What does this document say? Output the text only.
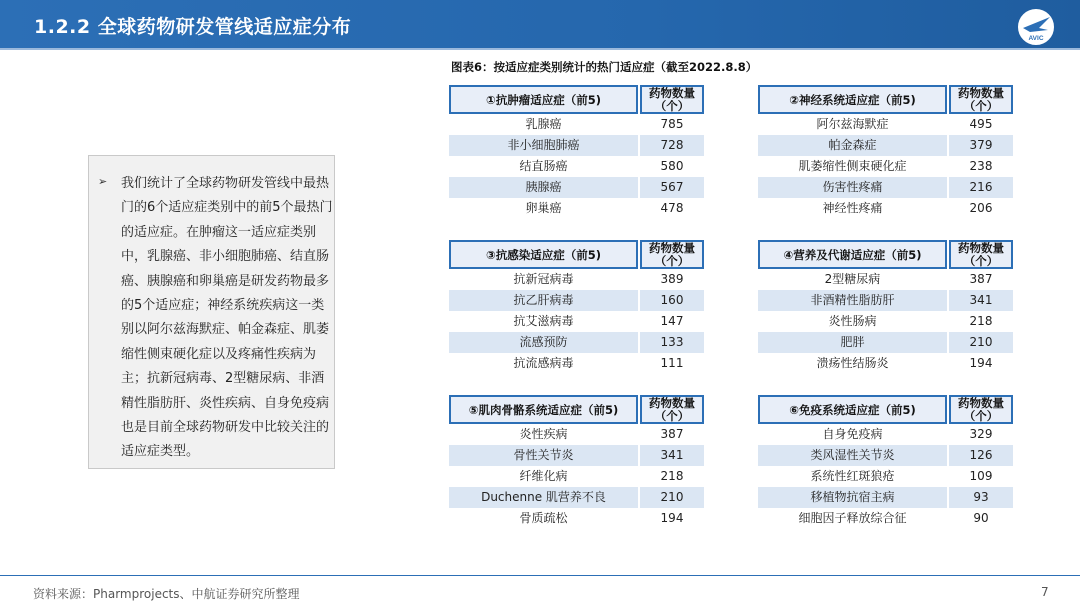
1.2.2 全球药物研发管线适应症分布
AVIC
➢ 我们统计了全球药物研发管线中最热门的6个适应症类别中的前5个最热门的适应症。在肿瘤这一适应症类别中，乳腺癌、非小细胞肺癌、结直肠癌、胰腺癌和卵巢癌是研发药物最多的5个适应症；神经系统疾病这一类别以阿尔兹海默症、帕金森症、肌萎缩性侧束硬化症以及疼痛性疾病为主；抗新冠病毒、2型糖尿病、非酒精性脂肪肝、炎性疾病、自身免疫病也是目前全球药物研发中比较关注的适应症类型。
图表6：按适应症类别统计的热门适应症（截至2022.8.8）
①抗肿瘤适应症（前5)	药物数量（个）
乳腺癌	785
非小细胞肺癌	728
结直肠癌	580
胰腺癌	567
卵巢癌	478
②神经系统适应症（前5)	药物数量（个）
阿尔兹海默症	495
帕金森症	379
肌萎缩性侧束硬化症	238
伤害性疼痛	216
神经性疼痛	206
③抗感染适应症（前5)	药物数量（个）
抗新冠病毒	389
抗乙肝病毒	160
抗艾滋病毒	147
流感预防	133
抗流感病毒	111
④营养及代谢适应症（前5)	药物数量（个）
2型糖尿病	387
非酒精性脂肪肝	341
炎性肠病	218
肥胖	210
溃疡性结肠炎	194
⑤肌肉骨骼系统适应症（前5)	药物数量（个）
炎性疾病	387
骨性关节炎	341
纤维化病	218
Duchenne 肌营养不良	210
骨质疏松	194
⑥免疫系统适应症（前5)	药物数量（个）
自身免疫病	329
类风湿性关节炎	126
系统性红斑狼疮	109
移植物抗宿主病	93
细胞因子释放综合征	90
资料来源：Pharmprojects、中航证券研究所整理	7
